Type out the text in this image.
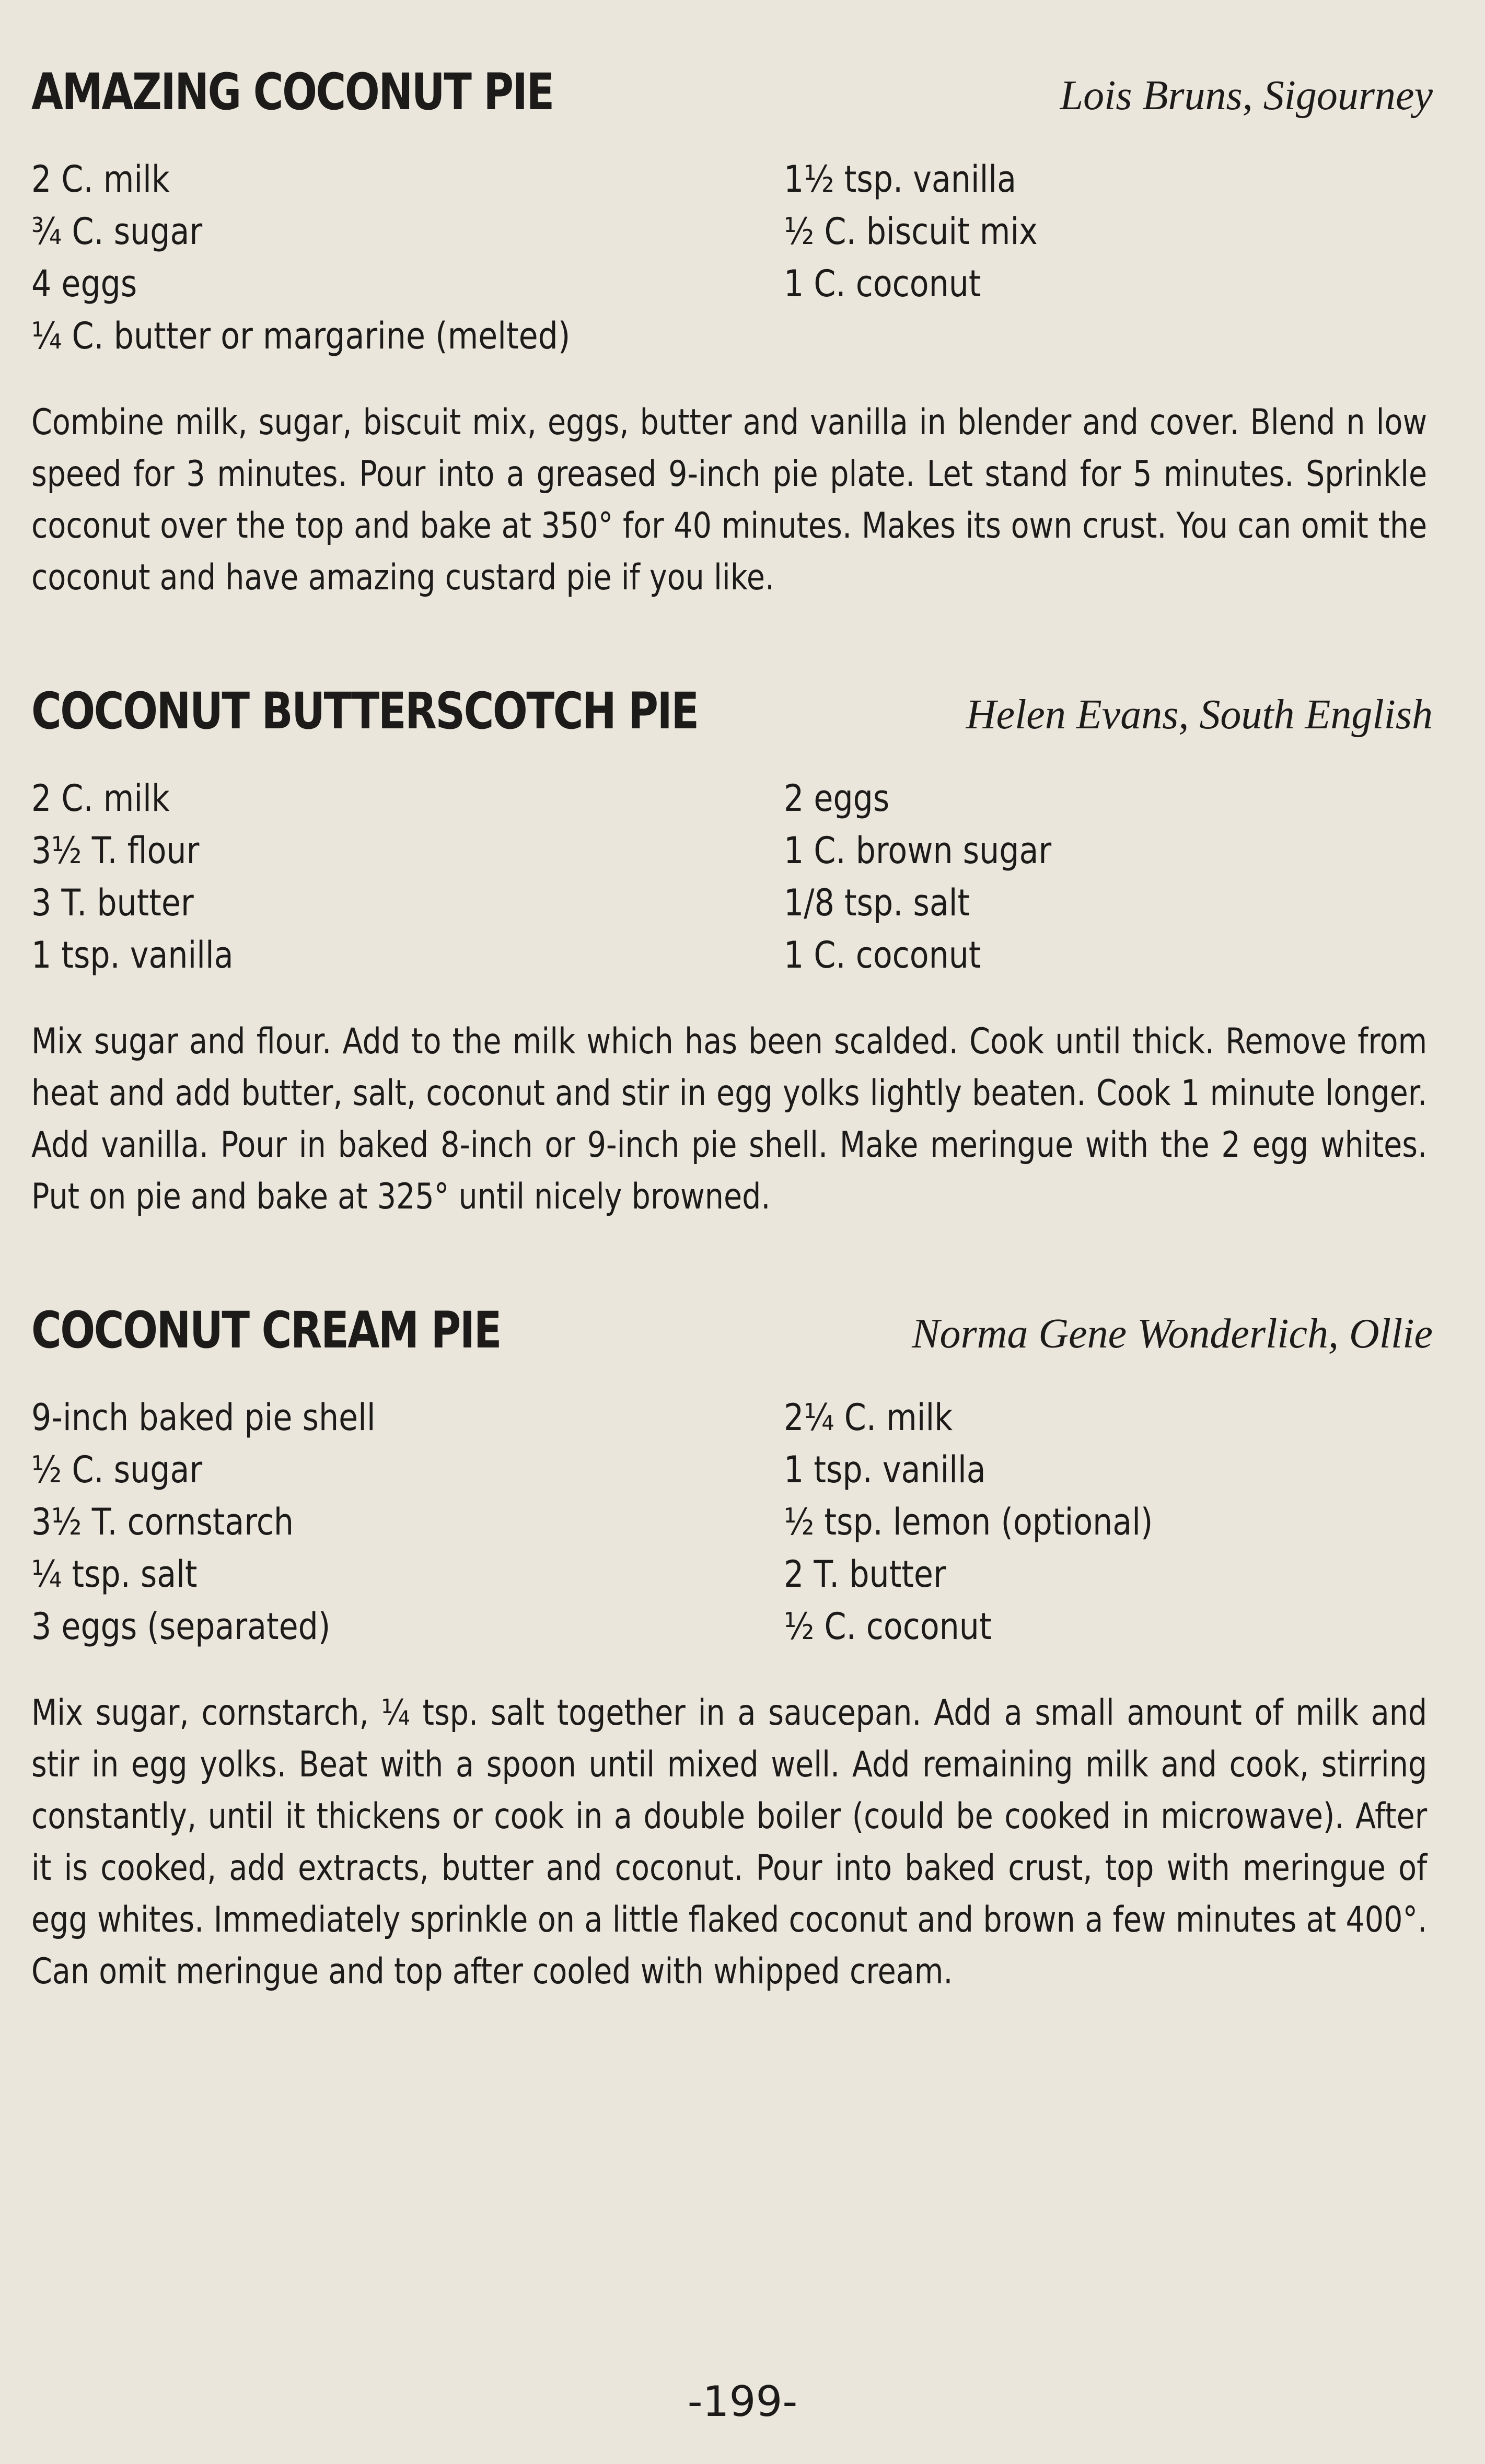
AMAZING COCONUT PIE	Lois Bruns, Sigourney
2 C. milk	1½ tsp. vanilla
¾ C. sugar	½ C. biscuit mix
4 eggs	1 C. coconut
¼ C. butter or margarine (melted)
Combine milk, sugar, biscuit mix, eggs, butter and vanilla in blender and cover. Blend n low speed for 3 minutes. Pour into a greased 9-inch pie plate. Let stand for 5 minutes. Sprinkle coconut over the top and bake at 350° for 40 minutes. Makes its own crust. You can omit the coconut and have amazing custard pie if you like.
COCONUT BUTTERSCOTCH PIE	Helen Evans, South English
2 C. milk	2 eggs
3½ T. flour	1 C. brown sugar
3 T. butter	1/8 tsp. salt
1 tsp. vanilla	1 C. coconut
Mix sugar and flour. Add to the milk which has been scalded. Cook until thick. Remove from heat and add butter, salt, coconut and stir in egg yolks lightly beaten. Cook 1 minute longer. Add vanilla. Pour in baked 8-inch or 9-inch pie shell. Make meringue with the 2 egg whites. Put on pie and bake at 325° until nicely browned.
COCONUT CREAM PIE	Norma Gene Wonderlich, Ollie
9-inch baked pie shell	2¼ C. milk
½ C. sugar	1 tsp. vanilla
3½ T. cornstarch	½ tsp. lemon (optional)
¼ tsp. salt	2 T. butter
3 eggs (separated)	½ C. coconut
Mix sugar, cornstarch, ¼ tsp. salt together in a saucepan. Add a small amount of milk and stir in egg yolks. Beat with a spoon until mixed well. Add remaining milk and cook, stirring constantly, until it thickens or cook in a double boiler (could be cooked in microwave). After it is cooked, add extracts, butter and coconut. Pour into baked crust, top with meringue of egg whites. Immediately sprinkle on a little flaked coconut and brown a few minutes at 400°. Can omit meringue and top after cooled with whipped cream.
-199-
